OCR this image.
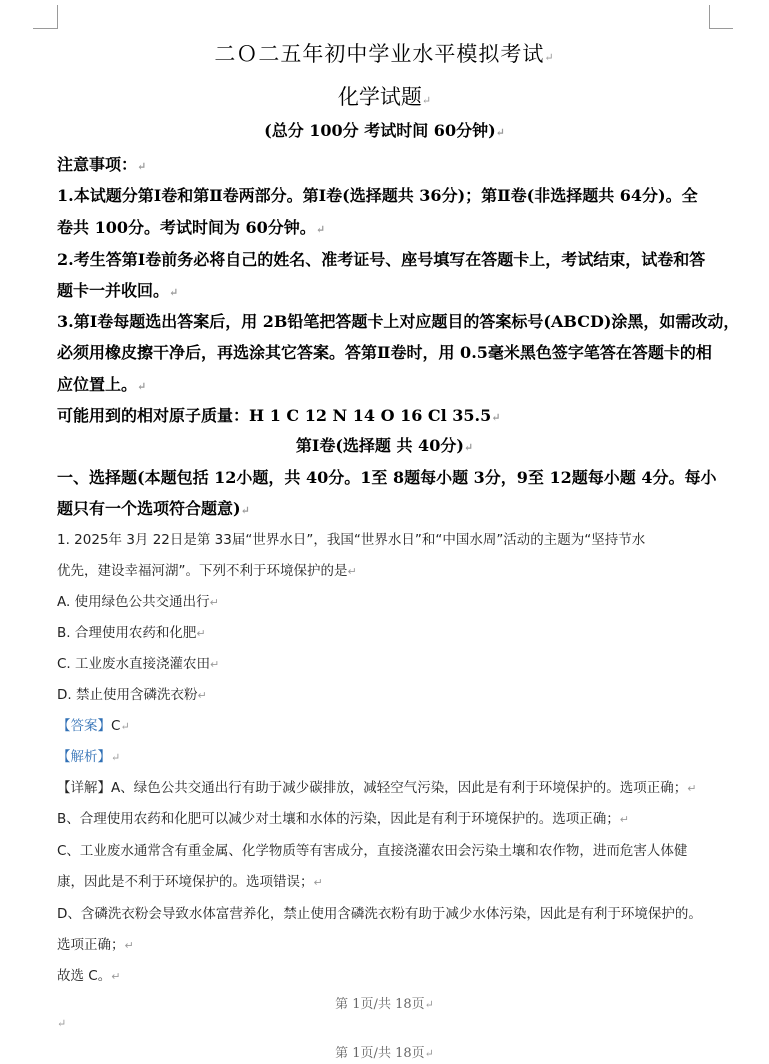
二Ｏ二五年初中学业水平模拟考试↵
化学试题↵
(总分 100分 考试时间 60分钟)↵
注意事项：↵
1.本试题分第Ⅰ卷和第Ⅱ卷两部分。第Ⅰ卷(选择题共 36分)；第Ⅱ卷(非选择题共 64分)。全
卷共 100分。考试时间为 60分钟。↵
2.考生答第Ⅰ卷前务必将自己的姓名、准考证号、座号填写在答题卡上，考试结束，试卷和答
题卡一并收回。↵
3.第Ⅰ卷每题选出答案后，用 2B铅笔把答题卡上对应题目的答案标号(ABCD)涂黑，如需改动，
必须用橡皮擦干净后，再选涂其它答案。答第Ⅱ卷时，用 0.5毫米黑色签字笔答在答题卡的相
应位置上。↵
可能用到的相对原子质量：H 1 C 12 N 14 O 16 Cl 35.5↵
第Ⅰ卷(选择题 共 40分)↵
一、选择题(本题包括 12小题，共 40分。1至 8题每小题 3分，9至 12题每小题 4分。每小
题只有一个选项符合题意)↵
1. 2025年 3月 22日是第 33届“世界水日”，我国“世界水日”和“中国水周”活动的主题为“坚持节水
优先，建设幸福河湖”。下列不利于环境保护的是↵
A. 使用绿色公共交通出行↵
B. 合理使用农药和化肥↵
C. 工业废水直接浇灌农田↵
D. 禁止使用含磷洗衣粉↵
【答案】C↵
【解析】↵
【详解】A、绿色公共交通出行有助于减少碳排放，减轻空气污染，因此是有利于环境保护的。选项正确；↵
B、合理使用农药和化肥可以减少对土壤和水体的污染，因此是有利于环境保护的。选项正确；↵
C、工业废水通常含有重金属、化学物质等有害成分，直接浇灌农田会污染土壤和农作物，进而危害人体健
康，因此是不利于环境保护的。选项错误；↵
D、含磷洗衣粉会导致水体富营养化，禁止使用含磷洗衣粉有助于减少水体污染，因此是有利于环境保护的。
选项正确；↵
故选 C。↵
第 1页/共 18页↵
↵
第 1页/共 18页↵
